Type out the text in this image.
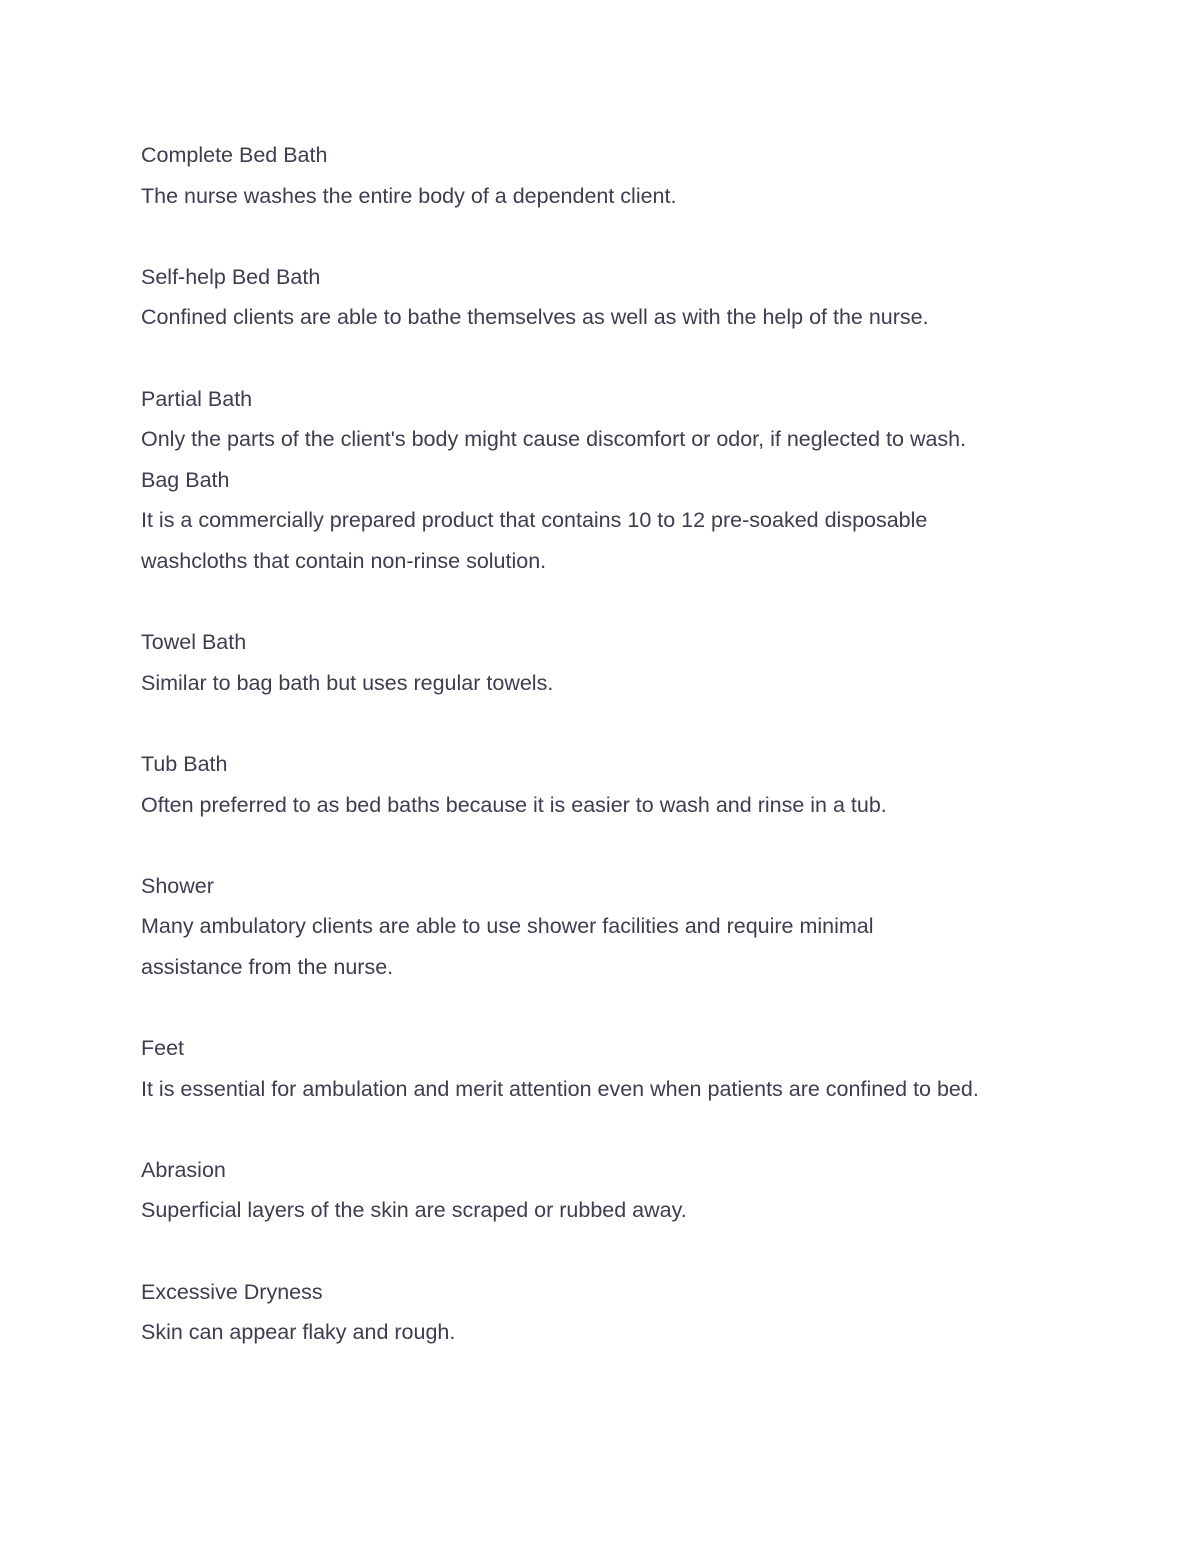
Complete Bed Bath
The nurse washes the entire body of a dependent client.
Self-help Bed Bath
Confined clients are able to bathe themselves as well as with the help of the nurse.
Partial Bath
Only the parts of the client's body might cause discomfort or odor, if neglected to wash.
Bag Bath
It is a commercially prepared product that contains 10 to 12 pre-soaked disposable
washcloths that contain non-rinse solution.
Towel Bath
Similar to bag bath but uses regular towels.
Tub Bath
Often preferred to as bed baths because it is easier to wash and rinse in a tub.
Shower
Many ambulatory clients are able to use shower facilities and require minimal
assistance from the nurse.
Feet
It is essential for ambulation and merit attention even when patients are confined to bed.
Abrasion
Superficial layers of the skin are scraped or rubbed away.
Excessive Dryness
Skin can appear flaky and rough.
